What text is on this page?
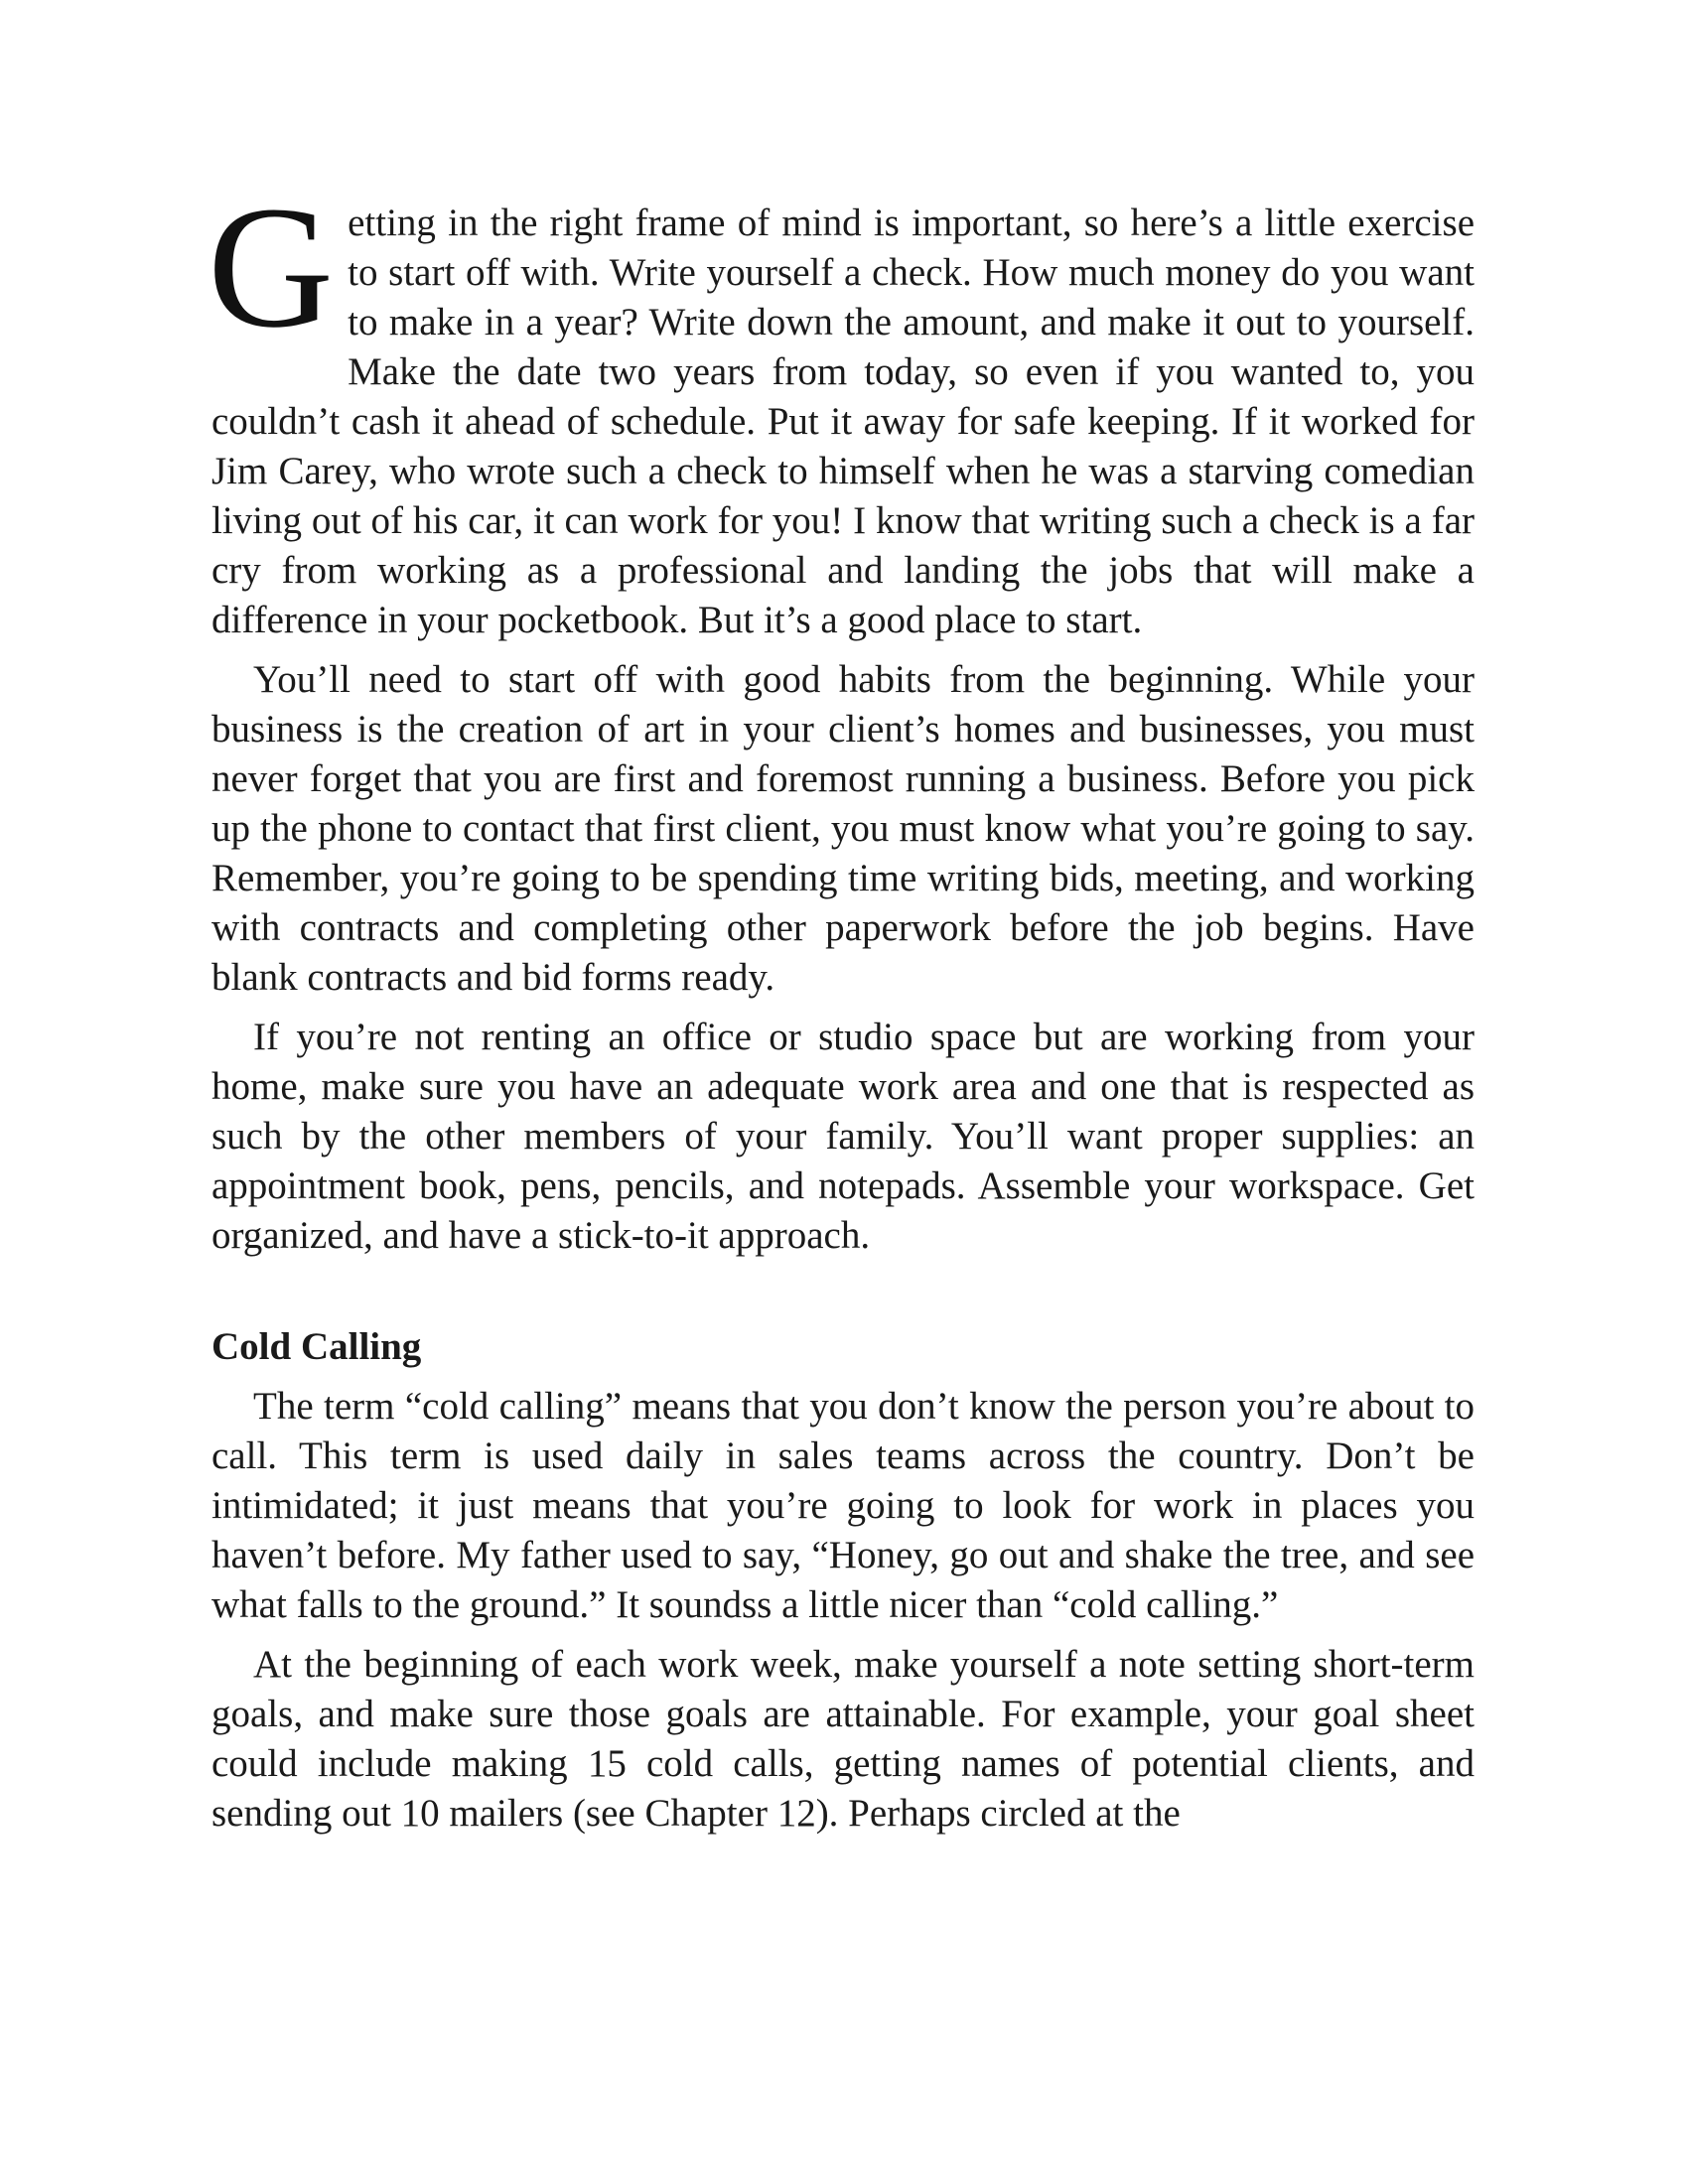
Getting in the right frame of mind is important, so here’s a little exercise to start off with. Write yourself a check. How much money do you want to make in a year? Write down the amount, and make it out to yourself. Make the date two years from today, so even if you wanted to, you couldn’t cash it ahead of schedule. Put it away for safe keeping. If it worked for Jim Carey, who wrote such a check to himself when he was a starving comedian living out of his car, it can work for you! I know that writing such a check is a far cry from working as a professional and landing the jobs that will make a difference in your pocketbook. But it’s a good place to start.

You’ll need to start off with good habits from the beginning. While your business is the creation of art in your client’s homes and businesses, you must never forget that you are first and foremost running a business. Before you pick up the phone to contact that first client, you must know what you’re going to say. Remember, you’re going to be spending time writing bids, meeting, and working with contracts and completing other paperwork before the job begins. Have blank contracts and bid forms ready.

If you’re not renting an office or studio space but are working from your home, make sure you have an adequate work area and one that is respected as such by the other members of your family. You’ll want proper supplies: an appointment book, pens, pencils, and notepads. Assemble your workspace. Get organized, and have a stick-to-it approach.

Cold Calling

The term “cold calling” means that you don’t know the person you’re about to call. This term is used daily in sales teams across the country. Don’t be intimidated; it just means that you’re going to look for work in places you haven’t before. My father used to say, “Honey, go out and shake the tree, and see what falls to the ground.” It soundss a little nicer than “cold calling.”

At the beginning of each work week, make yourself a note setting short-term goals, and make sure those goals are attainable. For example, your goal sheet could include making 15 cold calls, getting names of potential clients, and sending out 10 mailers (see Chapter 12). Perhaps circled at the
